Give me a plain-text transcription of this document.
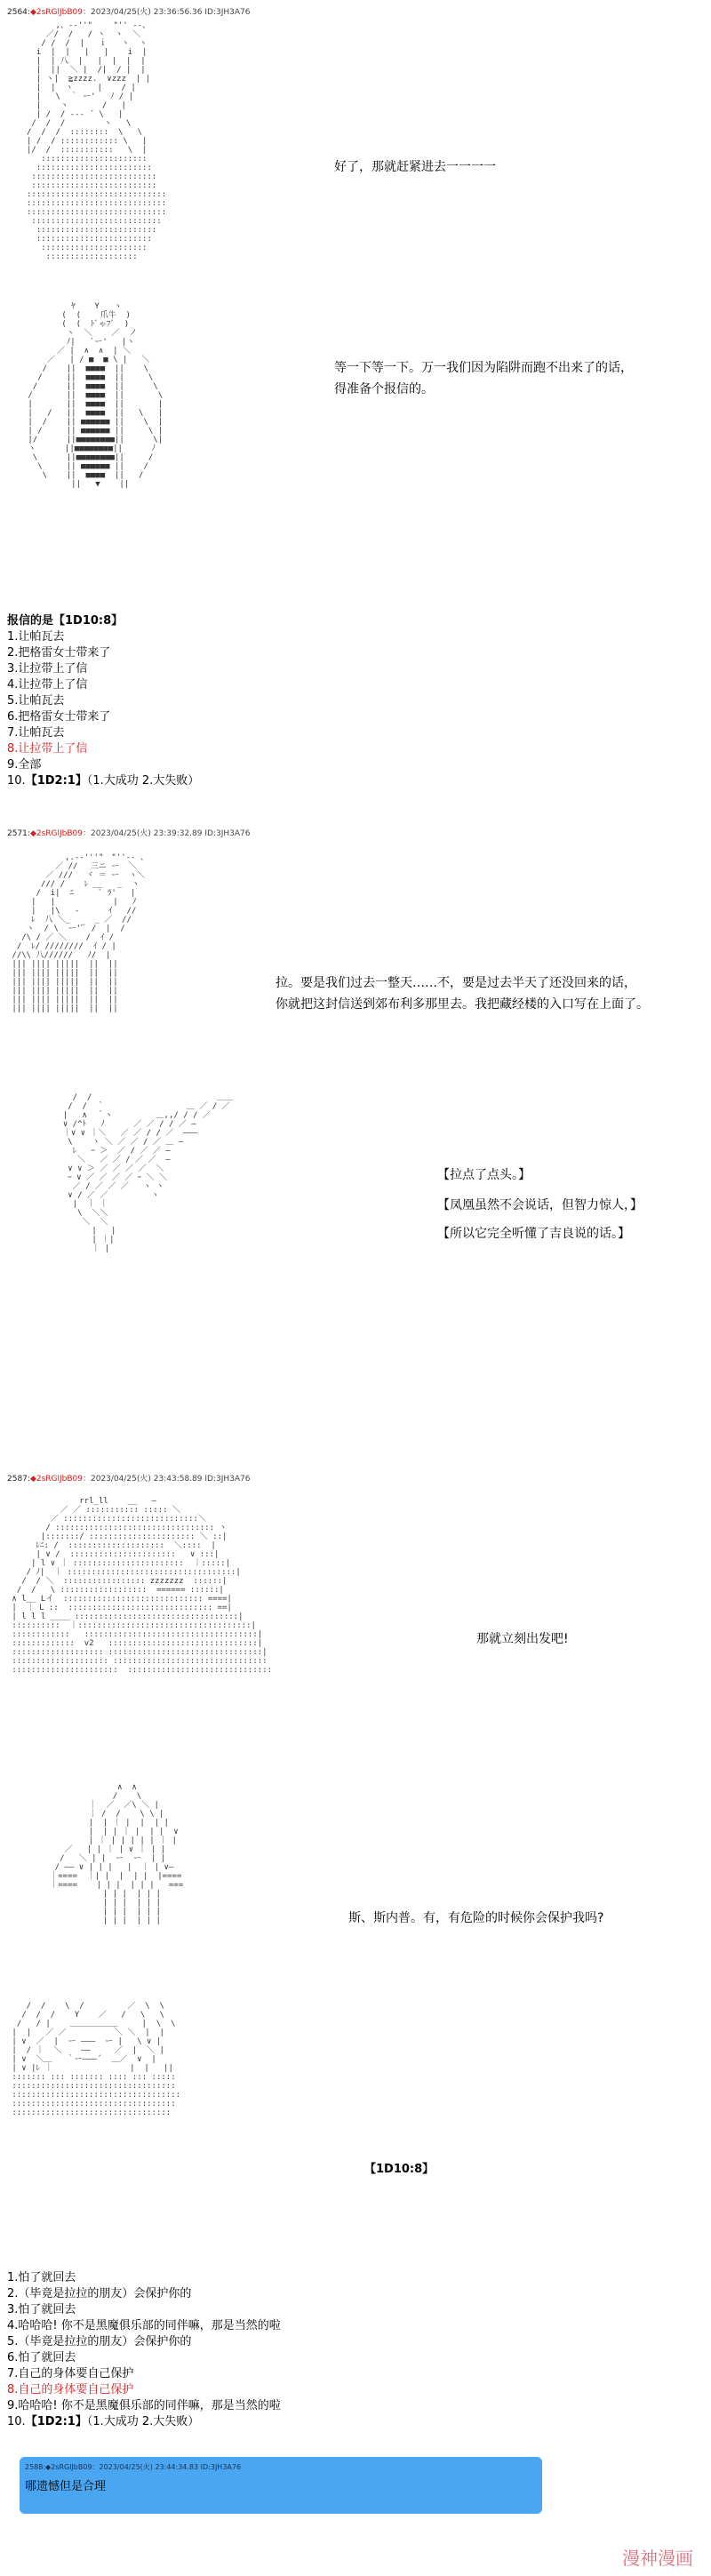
2564:◆2sRGlJbB09：2023/04/25(火) 23:36:56.36 ID:3JH3A76
,、-‐''"￣ ￣"'' ‐-、
／/  /   / ヽ  ヽ  ＼
/ /  /  |   ｉ   ヽ  ヽ
i  |  |   |   |    i  |
|  | 八  |   |  |  |  |
|  ||  ＼ |  /|  / |  |
| ヽ|  ≧zzzz.  ∨zzz  | |
|  |  ヽ     |    / |
|   \  ｀ ー'   ﾉ / |
|    ヽ       /   |
| /  / ‐‐‐ ´ \   |
/  /  /        ヽ   \
/  /  /  ::::::::  \   \
| /  / :::::::::::: \   |
|/  /  :::::::::::   \  |
::::::::::::::::::::::
::::::::::::::::::::::::
::::::::::::::::::::::::::
::::::::::::::::::::::::::
:::::::::::::::::::::::::::::
:::::::::::::::::::::::::::::
:::::::::::::::::::::::::::::
:::::::::::::::::::::::::::
:::::::::::::::::::::::::
::::::::::::::::::::::::
::::::::::::::::::::::
:::::::::::::::::::

好了，那就赶紧进去一一一一
ﾔ    Y   ヽ
(  (    爪牛  )
(  (  ﾄﾞゃﾌﾞ  )
ヽ  ＼    ／  ノ
ﾉ|   `ー'   |ヽ
／ |  ∧  ∧  | ＼
／   | / ■  ■ \ |   ＼
/    ||  ■■■■  ||    \
/     ||  ■■■■  ||     \
/      ||  ■■■■  ||      \
/       ||  ■■■■  ||       \
|       ||  ■■■■  ||       |
|   /   ||  ■■■■  ||   \   |
|  /    || ■■■■■■ ||    \  |
| /     || ■■■■■■ ||     \ |
|/      ||■■■■■■■■||      \|
ヽ      ||■■■■■■■■||      ﾉ
\      ||■■■■■■■■||     /
\     || ■■■■■■ ||    /
\    ||  ■■■■  ||   /
||   ▼    ||

等一下等一下。万一我们因为陷阱而跑不出来了的话，
得准备个报信的。
报信的是【1D10:8】
1.让帕瓦去
2.把格雷女士带来了
3.让拉带上了信
4.让拉带上了信
5.让帕瓦去
6.把格雷女士带来了
7.让帕瓦去
8.让拉带上了信
9.全部
10.【1D2:1】（1.大成功 2.大失败）
2571:◆2sRGlJbB09：2023/04/25(火) 23:39:32.89 ID:3JH3A76
,.-‐'''"￣"''‐- 、
／ //　 三ニ ー  ＼
／ ///　 ヾ ＝ ー  ヽ＼
/// /    ﾚ __   _  ヽ
/  i|  ﾆ     ` ﾗ'   |
|   |            |   ﾉ
|   |\   ‐      ｲ   //
ﾚ  八 ＼_     _ ／  //
ヽ  / \  ー''ﾞ /  |  /
/\ / ／ ＼    /  ｲ /
/  ﾚ/ ////////  ｲ / |
//\\ 八//////   ﾉ/  |
||| |||| |||||  ||  ||
||| |||| |||||  ||  ||
||| |||| |||||  ||  ||
||| |||| |||||  ||  ||
||| |||| |||||  ||  ||
||| |||| |||||  ||  ||

拉。要是我们过去一整天……不，要是过去半天了还没回来的话，
你就把这封信送到郊布利多那里去。我把藏经楼的入口写在上面了。
/  /                          ＿＿
/  /  ｀                 ＿ ／ / ／
|   ∧  ｀ヽ         ＿,,/ / / ／
∨ /^ﾄ   ﾉ      ／ ／ / / ／ ―
｜∨ ∨ ｜＼   ／ ／ / / ／  ―――
\    ヽ ＼ ／ ／ / ／ ＿ ―
ﾚ   ｰ ＞  ／ / ／ ／ ―
＼   ／ ／ / ／ ／  ―
∨ ∨ ＞ ／ ／ ／ ／  ＼
ｰ ∨ ／ ／ ／ ／ ｰ ＼ ＼
／ / ／ ／ ／   ヽ ヽ
∨ / ／ ／         ヽ
|  ｜ ｜
\  ＼＼
＼  ＼
|   |
| ｜|
｜ |

【拉点了点头。】
【凤凰虽然不会说话，但智力惊人，】
【所以它完全听懂了吉良说的话。】
2587:◆2sRGlJbB09：2023/04/25(火) 23:43:58.89 ID:3JH3A76
rrl_ll    __   ―
／ ／ ::::::::::: ::::: ＼
／ ::::::::::::::::::::::::::::＼
/ ::::::::::::::::::::::::::::::::: ヽ
|:::::::/ :::::::::::::::::::::: ＼ ::|
ﾚﾆ: /  ::::::::::::::::::::  ＼::::  |
| ∨ /  ::::::::::::::::::::::   ∨ :::|
| l ∨ ｜ :::::::::::::::::::::::  ｜:::::|
/ ﾉ|  ｜ :::::::::::::::::::::::::::::::::::|
/  / ＼  ::::::::::::::::: zzzzzzz  ::::::|
/  /   \ ::::::::::::::::::  ====== ::::::|
∧ l__ Lイ  ::::::::::::::::::::::::::::: ====|
|  ｜ L ::  :::::::::::::::::::::::::::::: ==|
| l l l ____ ::::::::::::::::::::::::::::::::::|
::::::::::  ｜::::::::::::::::::::::::::::::::::::|
::::::::::::   ::::::::::::::::::::::::::::::::::::|
:::::::::::::  v2   :::::::::::::::::::::::::::::::|
::::::::::::::::::: ::::::::::::::::::::::::::::::::|
:::::::::::::::::::: ::::::::::::::::::::::::::::::::
::::::::::::::::::::::  ::::::::::::::::::::::::::::::

那就立刻出发吧!
∧  ∧
/    \
｜  ／  ／\ ＼ |
｜ /  /    \ \ |
|  | ｜ |  |  | |
|  | | ｜ |  | |  ∨
| ｜ | | | | | ｜ |
／   | | ｜ | ∨ ｜ | |
/   ＼ | |  ー  ー  | |
/ ―― ∨ | | |   |  ｜ | ∨―
｜====  ｜| |  |  | |  |====
｜====    | | |  | | |   ===
| | |  | | |
| | |  | | |
| | |  | | |
| | |  | | |	斯、斯内普。有，有危险的时候你会保护我吗?
/  /    \  /         ／  \  \
/  /  /    Y    ／   /   \   \
/   / |    ＿＿＿＿＿＿     |  \  \
|  |   ／ ／          ＼ ＼  |  |
| ∨  ／  |  ー ―――  ー |   \ ∨ |
|  / ｜  ＼    ――     ／  |  ＼ |
| ∨  ＼＿   ｀ー―――´  ＿／  ∨  |
| ∨ |ﾚ ｜                |  |   ||
::::::: ::: ::::::: :::: ::: :::::
::::::::::::::::::::::::::::::::::
:::::::::::::::::::::::::::::::::::
::::::::::::::::::::::::::::::::::
:::::::::::::::::::::::::::::::::

【1D10:8】
1.怕了就回去
2.（毕竟是拉拉的朋友）会保护你的
3.怕了就回去
4.哈哈哈! 你不是黑魔俱乐部的同伴嘛，那是当然的啦
5.（毕竟是拉拉的朋友）会保护你的
6.怕了就回去
7.自己的身体要自己保护
8.自己的身体要自己保护
9.哈哈哈! 你不是黑魔俱乐部的同伴嘛，那是当然的啦
10.【1D2:1】（1.大成功 2.大失败）
2588:◆2sRGlJbB09：2023/04/25(火) 23:44:34.83 ID:3JH3A76
哪遗憾但是合理
漫神漫画
